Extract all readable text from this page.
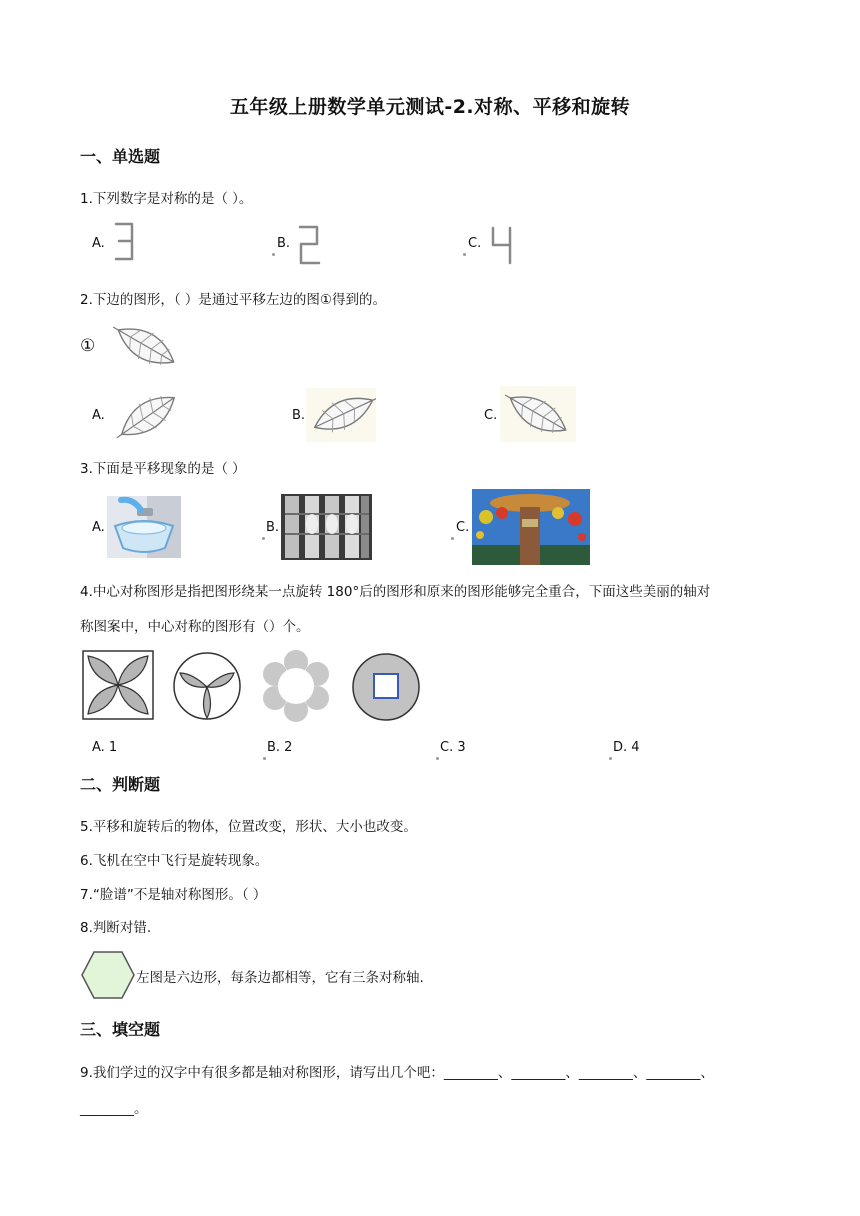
五年级上册数学单元测试-2.对称、平移和旋转
一、单选题
1.下列数字是对称的是（ ）。
A.	B.	C.
2.下边的图形，（ ）是通过平移左边的图①得到的。
①
A.	B.	C.
3.下面是平移现象的是（ ）
A.	B.	C.
4.中心对称图形是指把图形绕某一点旋转 180°后的图形和原来的图形能够完全重合，下面这些美丽的轴对
称图案中，中心对称的图形有（）个。
A. 1	B. 2	C. 3	D. 4
二、判断题
5.平移和旋转后的物体，位置改变，形状、大小也改变。
6.飞机在空中飞行是旋转现象。
7.“脸谱”不是轴对称图形。（ ）
8.判断对错.
左图是六边形，每条边都相等，它有三条对称轴.
三、填空题
9.我们学过的汉字中有很多都是轴对称图形，请写出几个吧：________、________、________、________、
________。
